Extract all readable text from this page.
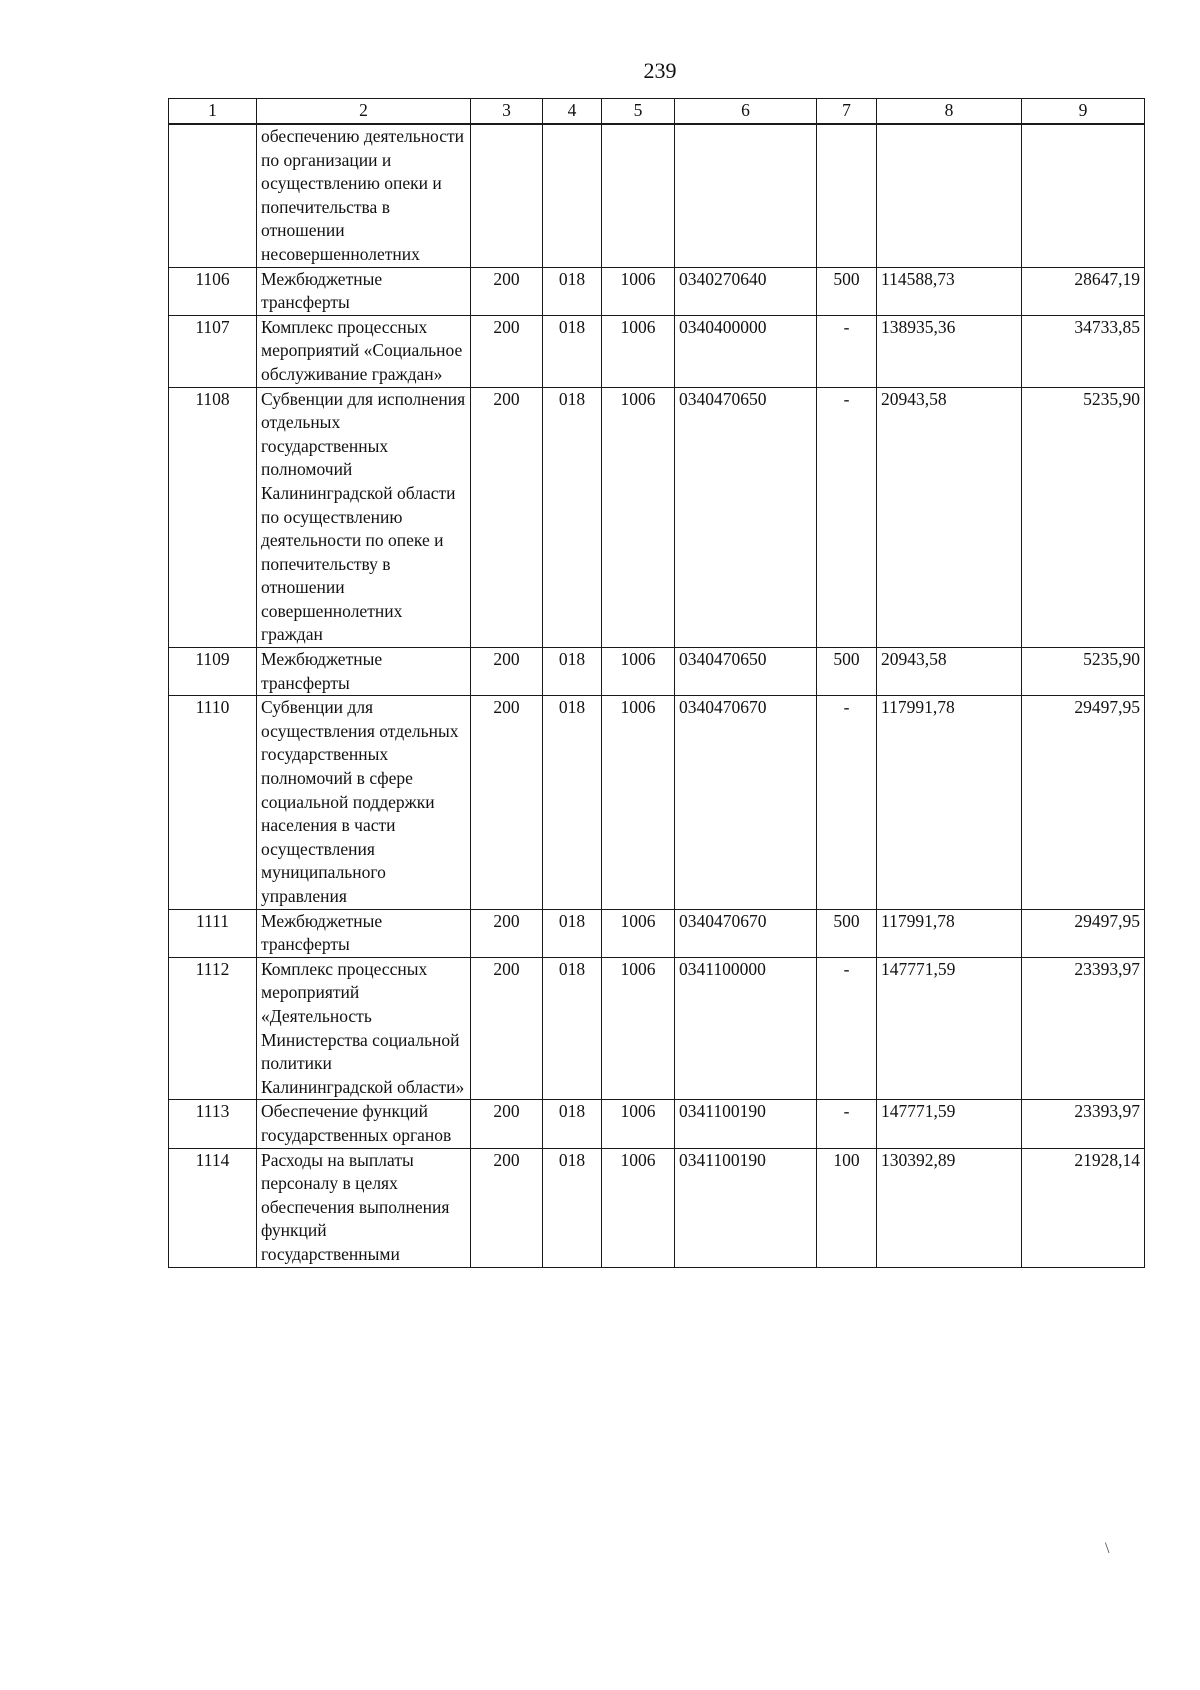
239
1	2	3	4	5	6	7	8	9
	обеспечению деятельности по организации и осуществлению опеки и попечительства в отношении несовершеннолетних							
1106	Межбюджетные трансферты	200	018	1006	0340270640	500	114588,73	28647,19
1107	Комплекс процессных мероприятий «Социальное обслуживание граждан»	200	018	1006	0340400000	-	138935,36	34733,85
1108	Субвенции для исполнения отдельных государственных полномочий Калининградской области по осуществлению деятельности по опеке и попечительству в отношении совершеннолетних граждан	200	018	1006	0340470650	-	20943,58	5235,90
1109	Межбюджетные трансферты	200	018	1006	0340470650	500	20943,58	5235,90
1110	Субвенции для осуществления отдельных государственных полномочий в сфере социальной поддержки населения в части осуществления муниципального управления	200	018	1006	0340470670	-	117991,78	29497,95
1111	Межбюджетные трансферты	200	018	1006	0340470670	500	117991,78	29497,95
1112	Комплекс процессных мероприятий «Деятельность Министерства социальной политики Калининградской области»	200	018	1006	0341100000	-	147771,59	23393,97
1113	Обеспечение функций государственных органов	200	018	1006	0341100190	-	147771,59	23393,97
1114	Расходы на выплаты персоналу в целях обеспечения выполнения функций государственными	200	018	1006	0341100190	100	130392,89	21928,14
\
